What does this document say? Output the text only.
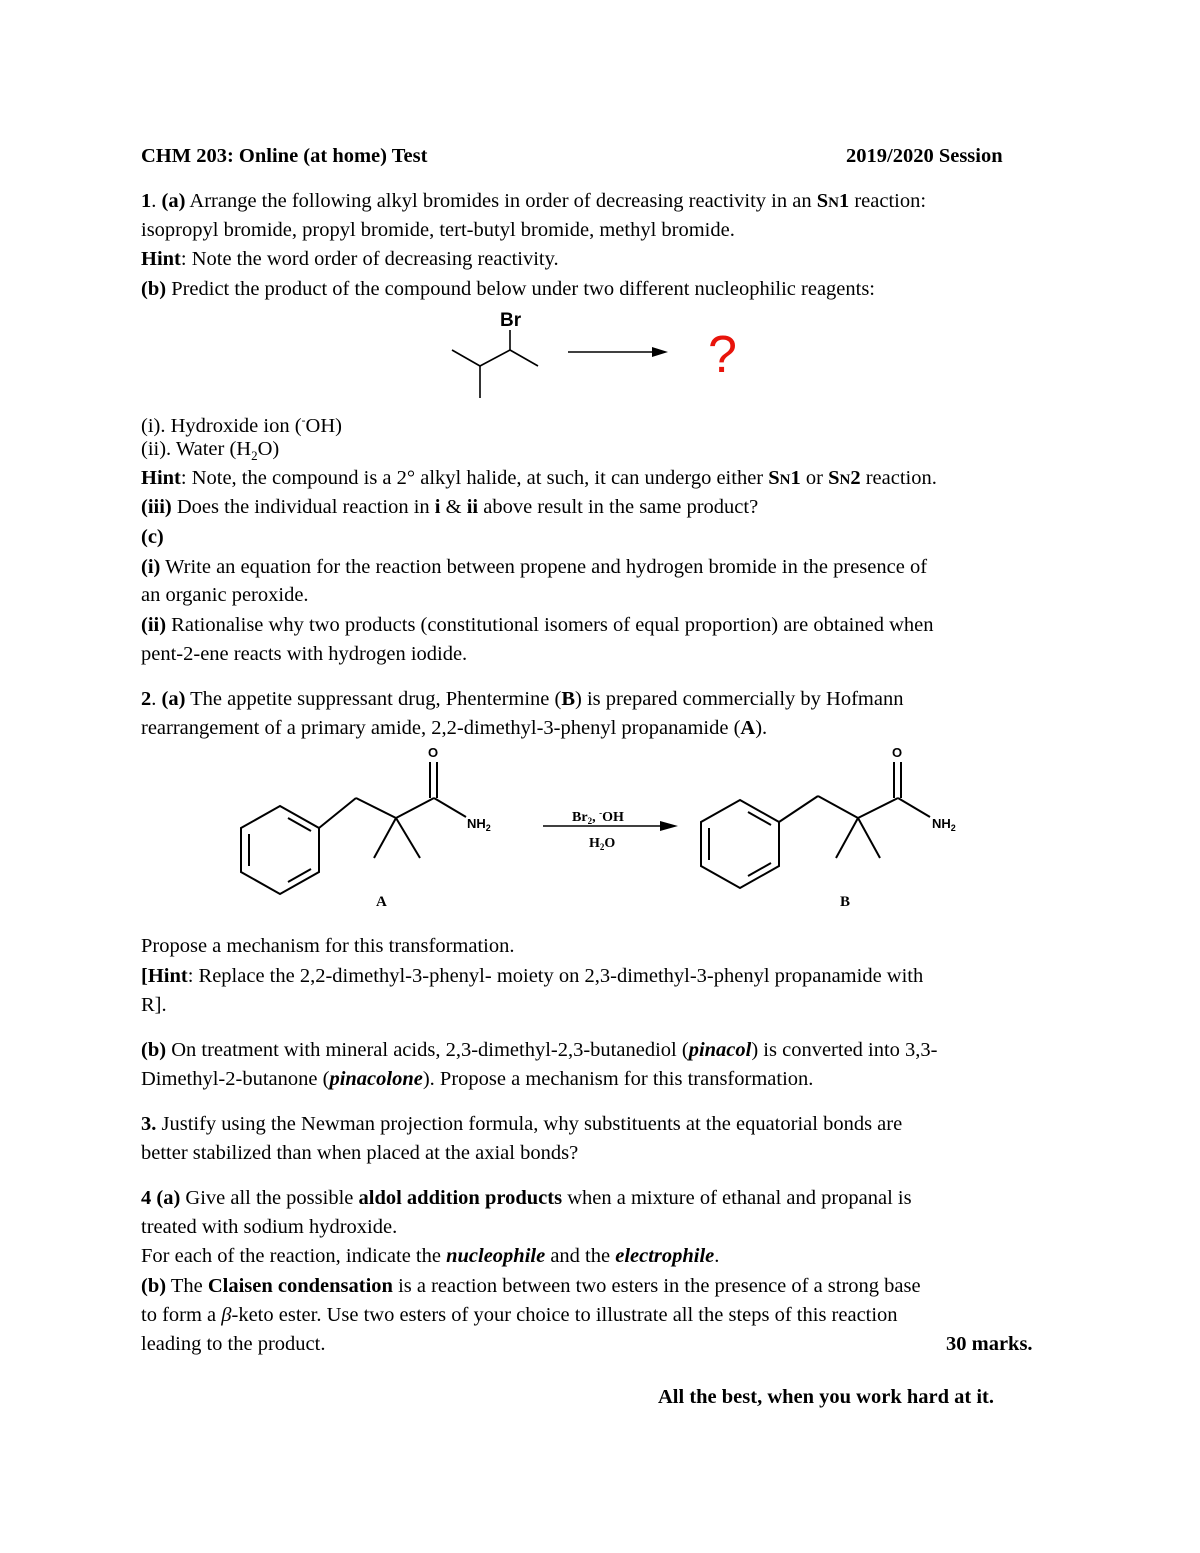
CHM 203: Online (at home) Test	2019/2020 Session
1. (a) Arrange the following alkyl bromides in order of decreasing reactivity in an SN1 reaction:
isopropyl bromide, propyl bromide, tert-butyl bromide, methyl bromide.
Hint: Note the word order of decreasing reactivity.
(b) Predict the product of the compound below under two different nucleophilic reagents:
Br
?
(i). Hydroxide ion (-OH)
(ii). Water $(H_2O)$
Hint: Note, the compound is a 2° alkyl halide, at such, it can undergo either SN1 or SN2 reaction.
(iii) Does the individual reaction in i & ii above result in the same product?
(c)
(i) Write an equation for the reaction between propene and hydrogen bromide in the presence of
an organic peroxide.
(ii) Rationalise why two products (constitutional isomers of equal proportion) are obtained when
pent-2-ene reacts with hydrogen iodide.
2. (a) The appetite suppressant drug, Phentermine (B) is prepared commercially by Hofmann
rearrangement of a primary amide, 2,2-dimethyl-3-phenyl propanamide (A).
O
$NH_2$
A
$Br_2$, -OH
$H_2O$
O
$NH_2$
B
Propose a mechanism for this transformation.
[Hint: Replace the 2,2-dimethyl-3-phenyl- moiety on 2,3-dimethyl-3-phenyl propanamide with
R].
(b) On treatment with mineral acids, 2,3-dimethyl-2,3-butanediol (pinacol) is converted into 3,3-
Dimethyl-2-butanone (pinacolone). Propose a mechanism for this transformation.
3. Justify using the Newman projection formula, why substituents at the equatorial bonds are
better stabilized than when placed at the axial bonds?
4 (a) Give all the possible aldol addition products when a mixture of ethanal and propanal is
treated with sodium hydroxide.
For each of the reaction, indicate the nucleophile and the electrophile.
(b) The Claisen condensation is a reaction between two esters in the presence of a strong base
to form a β-keto ester. Use two esters of your choice to illustrate all the steps of this reaction
leading to the product.	30 marks.
All the best, when you work hard at it.
